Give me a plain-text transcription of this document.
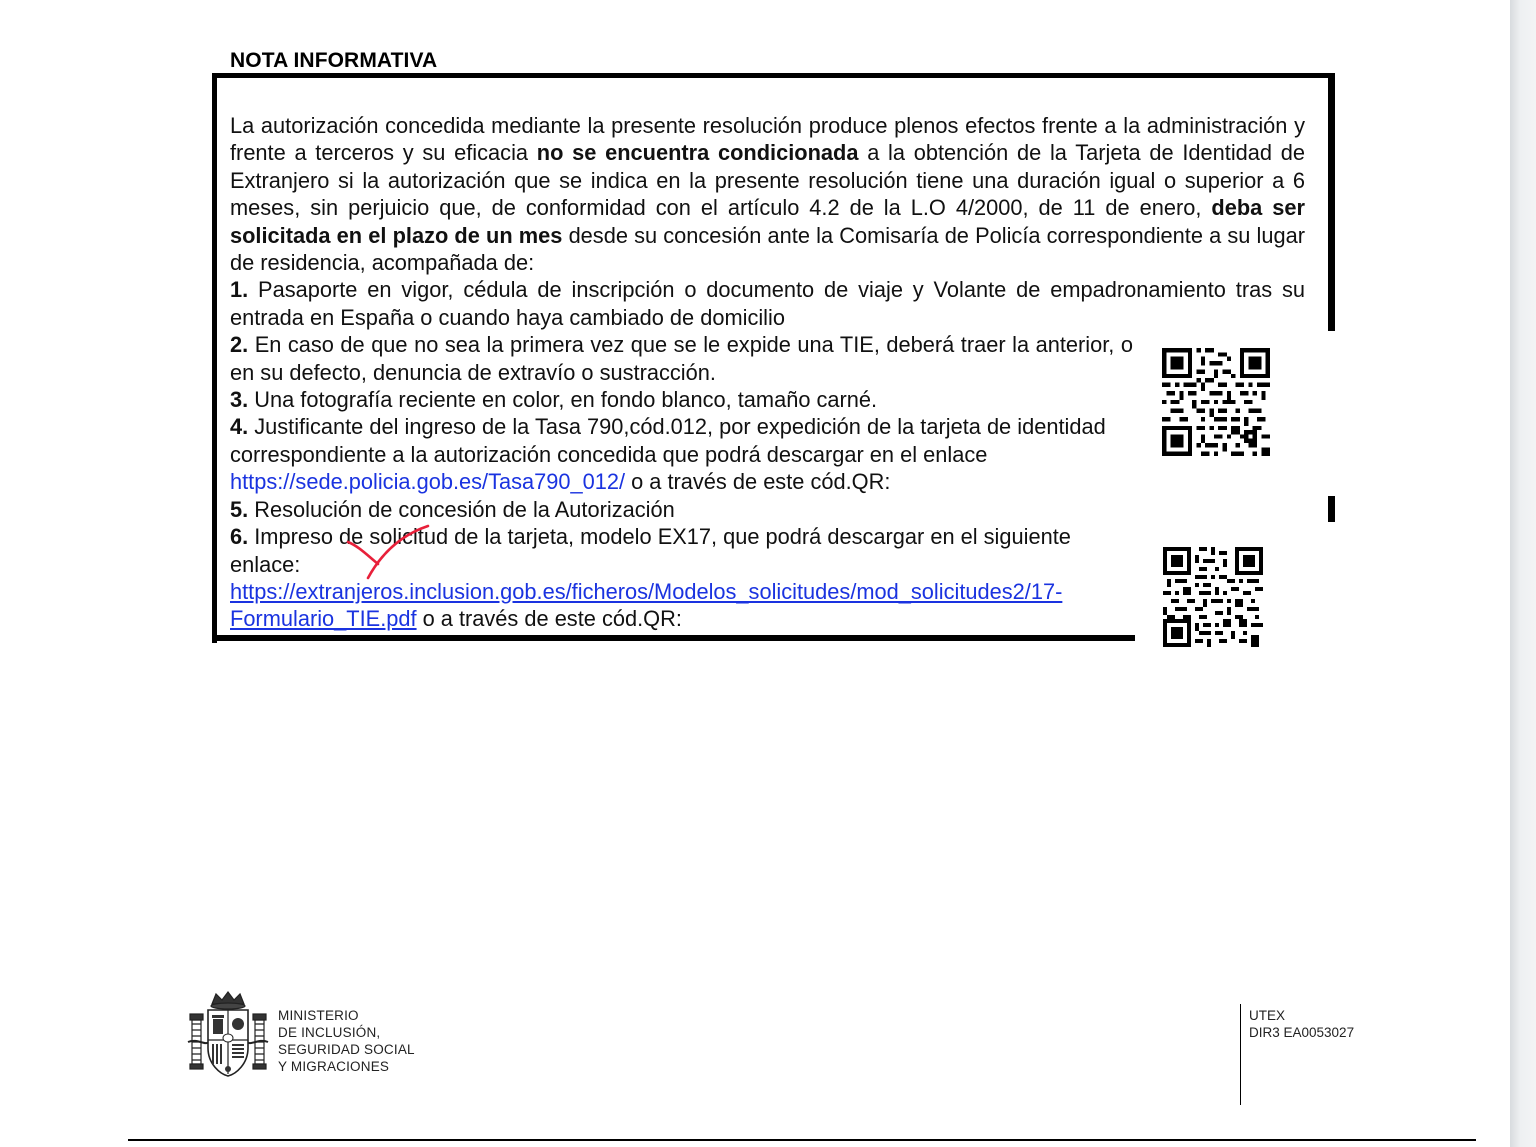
NOTA INFORMATIVA

La autorización concedida mediante la presente resolución produce plenos efectos frente a la administración y frente a terceros y su eficacia no se encuentra condicionada a la obtención de la Tarjeta de Identidad de Extranjero si la autorización que se indica en la presente resolución tiene una duración igual o superior a 6 meses, sin perjuicio que, de conformidad con el artículo 4.2 de la L.O 4/2000, de 11 de enero, deba ser solicitada en el plazo de un mes desde su concesión ante la Comisaría de Policía correspondiente a su lugar de residencia, acompañada de:

1. Pasaporte en vigor, cédula de inscripción o documento de viaje y Volante de empadronamiento tras su entrada en España o cuando haya cambiado de domicilio

2. En caso de que no sea la primera vez que se le expide una TIE, deberá traer la anterior, o en su defecto, denuncia de extravío o sustracción.

3. Una fotografía reciente en color, en fondo blanco, tamaño carné.

4. Justificante del ingreso de la Tasa 790,cód.012, por expedición de la tarjeta de identidad correspondiente a la autorización concedida que podrá descargar en el enlace https://sede.policia.gob.es/Tasa790_012/ o a través de este cód.QR:

5. Resolución de concesión de la Autorización

6. Impreso de solicitud de la tarjeta, modelo EX17, que podrá descargar en el siguiente enlace:
https://extranjeros.inclusion.gob.es/ficheros/Modelos_solicitudes/mod_solicitudes2/17-
Formulario_TIE.pdf o a través de este cód.QR:

MINISTERIO
DE INCLUSIÓN,
SEGURIDAD SOCIAL
Y MIGRACIONES
UTEX
DIR3 EA0053027
